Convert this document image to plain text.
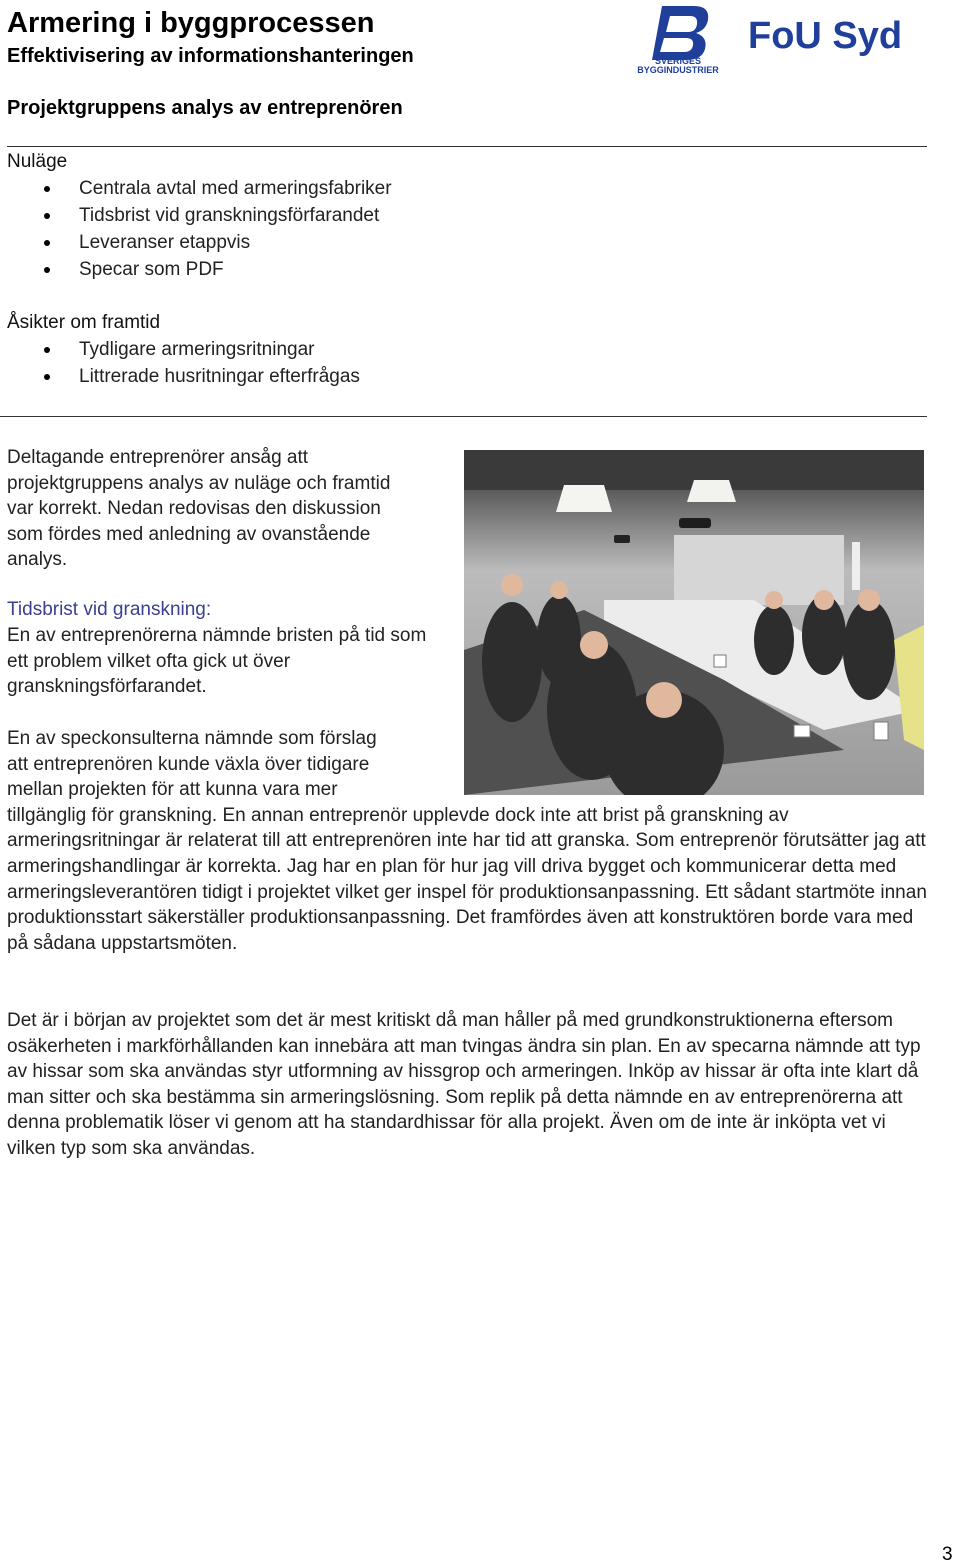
Armering i byggprocessen
Effektivisering av informationshanteringen	SVERIGES
BYGGINDUSTRIER
FoU Syd
Projektgruppens analys av entreprenören
Nuläge
Centrala avtal med armeringsfabriker
Tidsbrist vid granskningsförfarandet
Leveranser etappvis
Specar som PDF
Åsikter om framtid
Tydligare armeringsritningar
Littrerade husritningar efterfrågas

Deltagande entreprenörer ansåg att projektgruppens analys av nuläge och framtid var korrekt. Nedan redovisas den diskussion som fördes med anledning av ovanstående analys.

Tidsbrist vid granskning:

En av entreprenörerna nämnde bristen på tid som ett problem vilket ofta gick ut över granskningsförfarandet.

En av speckonsulterna nämnde som förslag
att entreprenören kunde växla över tidigare
mellan projekten för att kunna vara mer
tillgänglig för granskning. En annan entreprenör upplevde dock inte att brist på granskning av armeringsritningar är relaterat till att entreprenören inte har tid att granska. Som entreprenör förutsätter jag att armeringshandlingar är korrekta. Jag har en plan för hur jag vill driva bygget och kommunicerar detta med armeringsleverantören tidigt i projektet vilket ger inspel för produktionsanpassning. Ett sådant startmöte innan produktionsstart säkerställer produktionsanpassning. Det framfördes även att konstruktören borde vara med på sådana uppstartsmöten.

Det är i början av projektet som det är mest kritiskt då man håller på med grundkonstruktionerna eftersom osäkerheten i markförhållanden kan innebära att man tvingas ändra sin plan. En av specarna nämnde att typ av hissar som ska användas styr utformning av hissgrop och armeringen. Inköp av hissar är ofta inte klart då man sitter och ska bestämma sin armeringslösning. Som replik på detta nämnde en av entreprenörerna att denna problematik löser vi genom att ha standardhissar för alla projekt. Även om de inte är inköpta vet vi vilken typ som ska användas.

3
